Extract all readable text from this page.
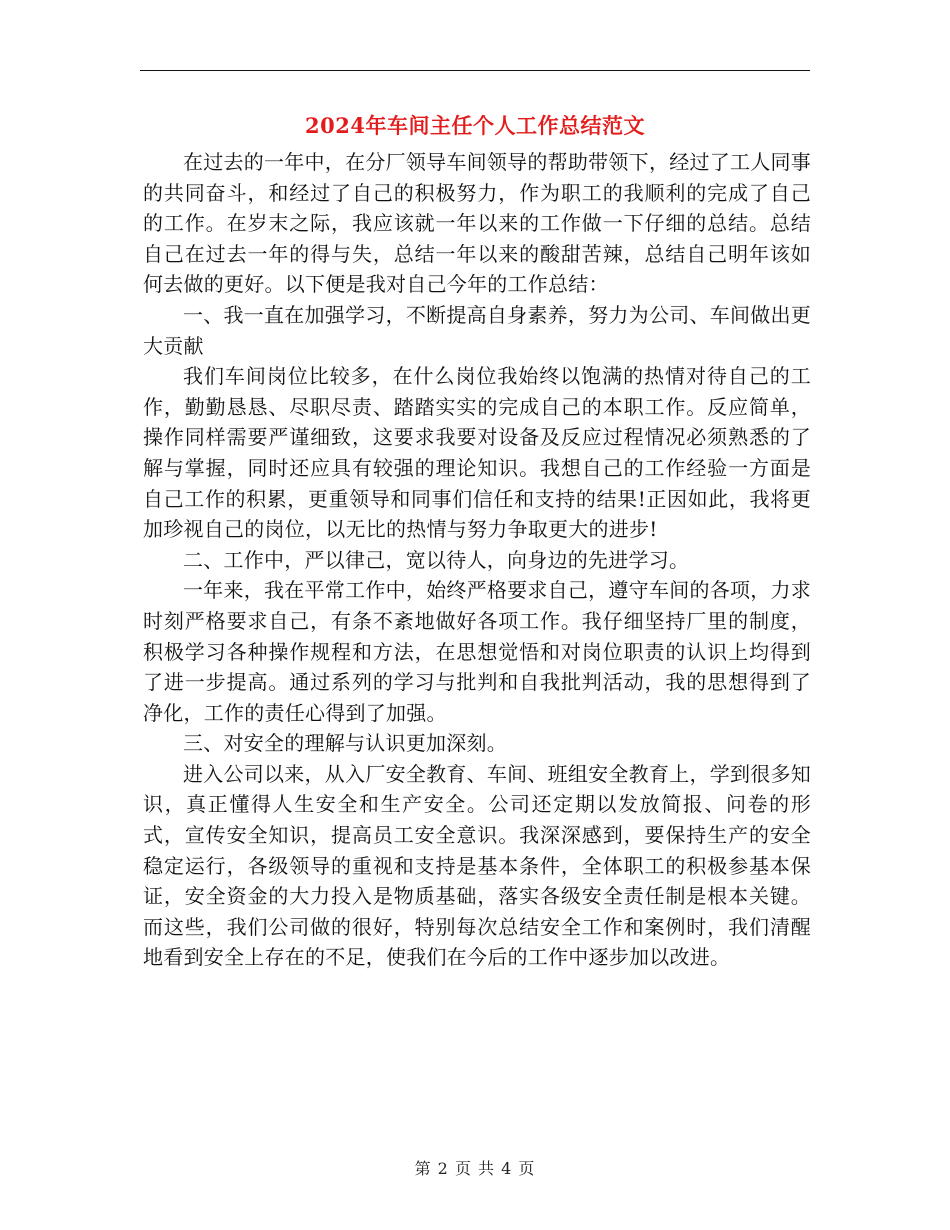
2024年车间主任个人工作总结范文

在过去的一年中，在分厂领导车间领导的帮助带领下，经过了工人同事的共同奋斗，和经过了自己的积极努力，作为职工的我顺利的完成了自己的工作。在岁末之际，我应该就一年以来的工作做一下仔细的总结。总结自己在过去一年的得与失，总结一年以来的酸甜苦辣，总结自己明年该如何去做的更好。以下便是我对自己今年的工作总结：

一、我一直在加强学习，不断提高自身素养，努力为公司、车间做出更大贡献

我们车间岗位比较多，在什么岗位我始终以饱满的热情对待自己的工作，勤勤恳恳、尽职尽责、踏踏实实的完成自己的本职工作。反应简单，操作同样需要严谨细致，这要求我要对设备及反应过程情况必须熟悉的了解与掌握，同时还应具有较强的理论知识。我想自己的工作经验一方面是自己工作的积累，更重领导和同事们信任和支持的结果!正因如此，我将更加珍视自己的岗位，以无比的热情与努力争取更大的进步!

二、工作中，严以律己，宽以待人，向身边的先进学习。

一年来，我在平常工作中，始终严格要求自己，遵守车间的各项，力求时刻严格要求自己，有条不紊地做好各项工作。我仔细坚持厂里的制度，积极学习各种操作规程和方法，在思想觉悟和对岗位职责的认识上均得到了进一步提高。通过系列的学习与批判和自我批判活动，我的思想得到了净化，工作的责任心得到了加强。

三、对安全的理解与认识更加深刻。

进入公司以来，从入厂安全教育、车间、班组安全教育上，学到很多知识，真正懂得人生安全和生产安全。公司还定期以发放简报、问卷的形式，宣传安全知识，提高员工安全意识。我深深感到，要保持生产的安全稳定运行，各级领导的重视和支持是基本条件，全体职工的积极参基本保证，安全资金的大力投入是物质基础，落实各级安全责任制是根本关键。而这些，我们公司做的很好，特别每次总结安全工作和案例时，我们清醒地看到安全上存在的不足，使我们在今后的工作中逐步加以改进。

第 2 页 共 4 页
